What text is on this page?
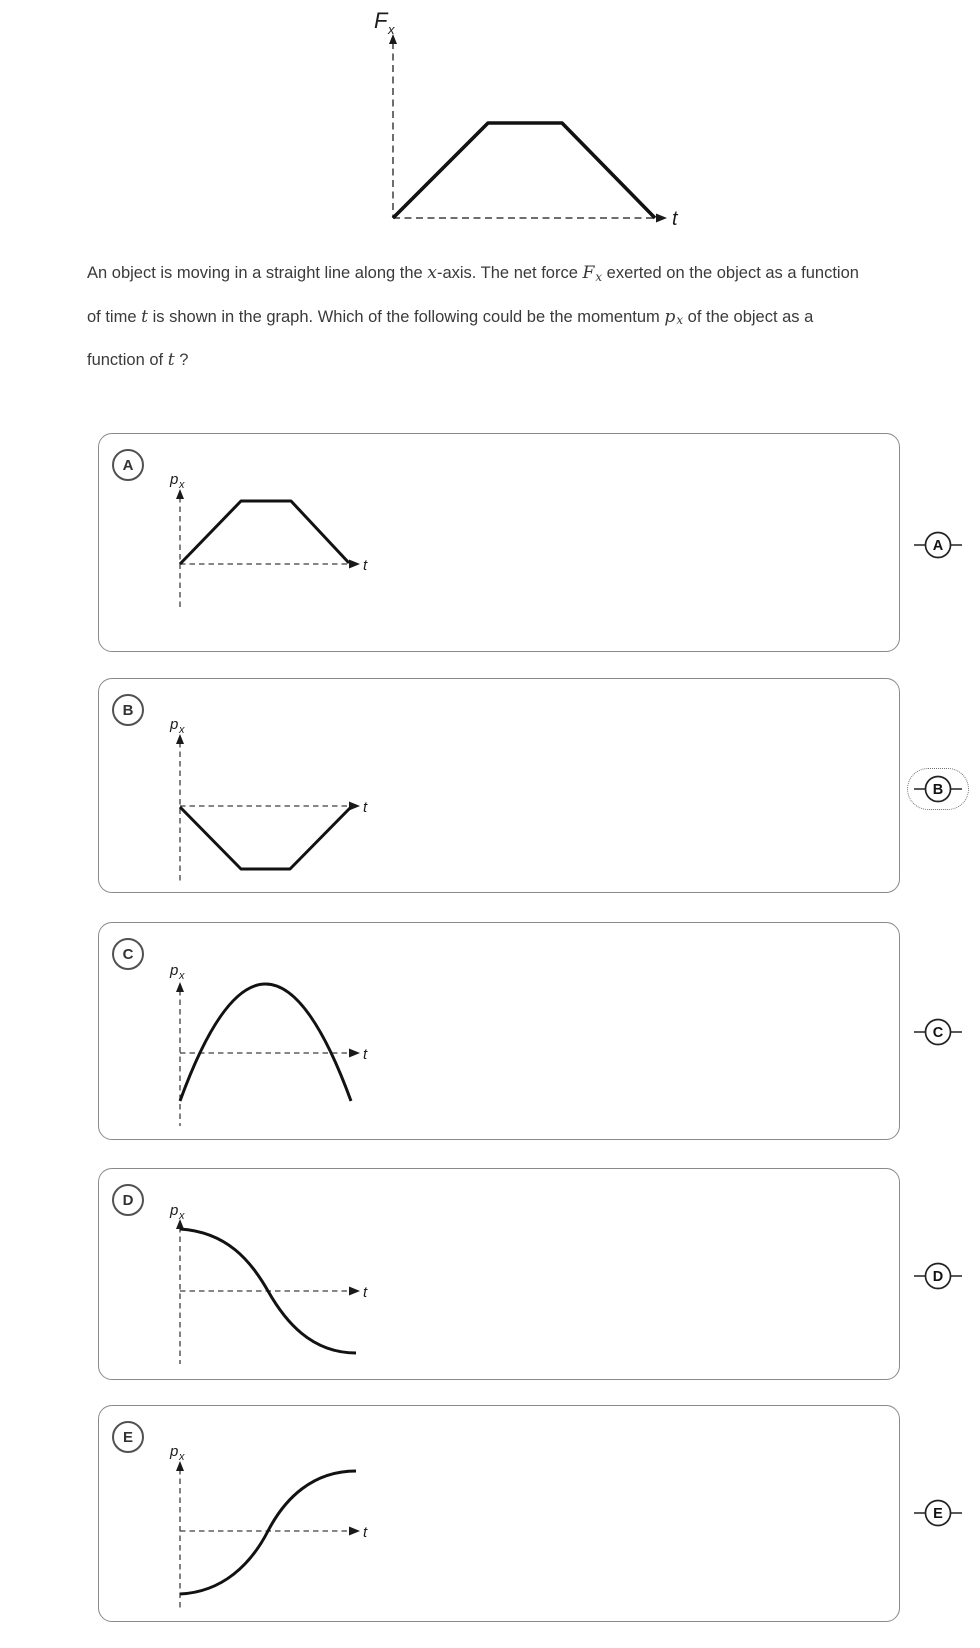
F x
t
An object is moving in a straight line along the x-axis. The net force Fx exerted on the object as a function
of time t is shown in the graph. Which of the following could be the momentum px of the object as a
function of t ?
A
p x
t
B
p x
t
C
p x
t
D
p x
t
E
p x
t
A
B
C
D
E
